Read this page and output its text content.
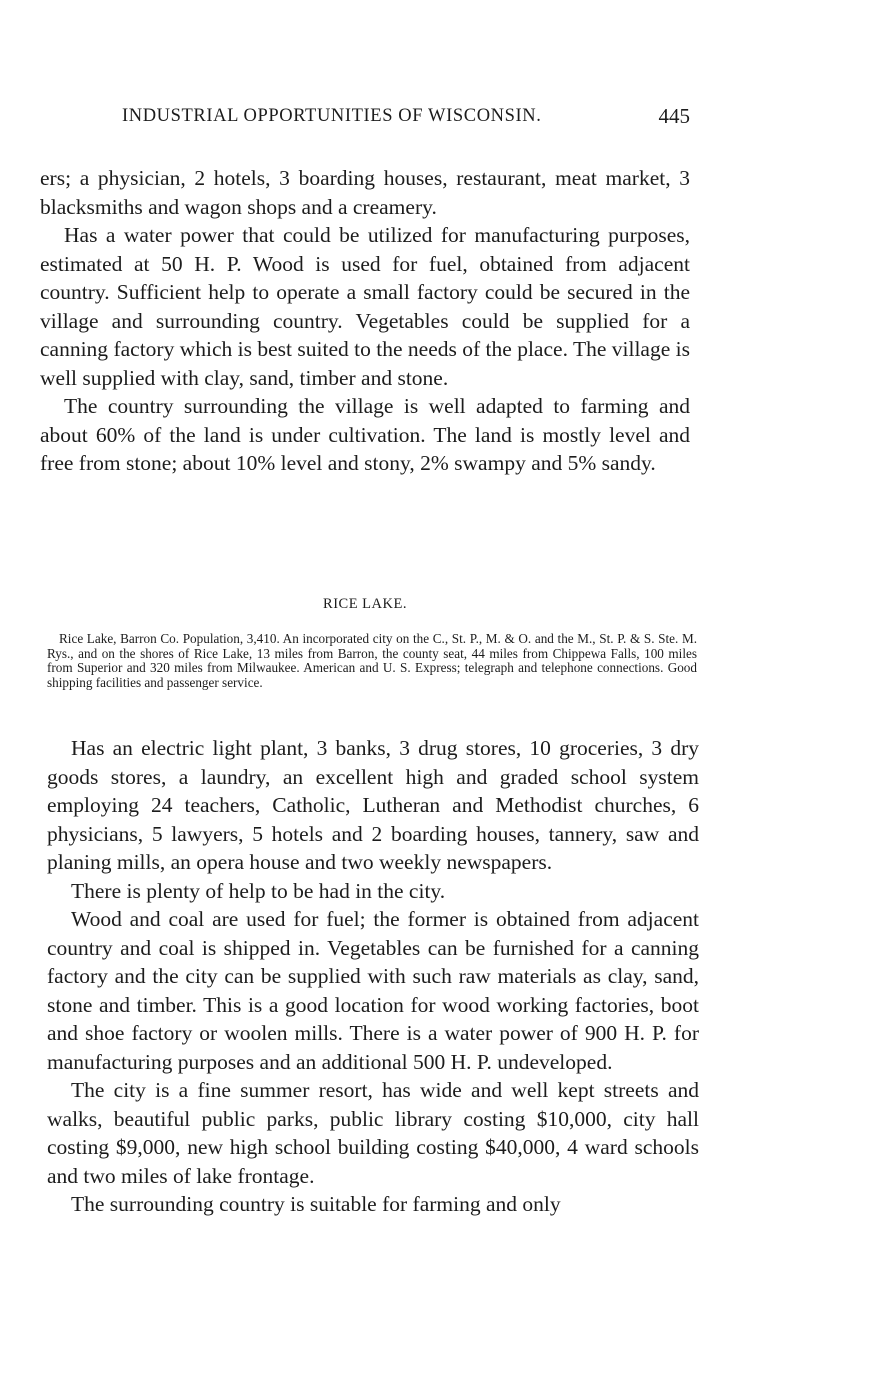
INDUSTRIAL OPPORTUNITIES OF WISCONSIN.	445

ers; a physician, 2 hotels, 3 boarding houses, restaurant, meat market, 3 blacksmiths and wagon shops and a creamery.

Has a water power that could be utilized for manufacturing purposes, estimated at 50 H. P. Wood is used for fuel, obtained from adjacent country. Sufficient help to operate a small factory could be secured in the village and surrounding country. Vegetables could be supplied for a canning factory which is best suited to the needs of the place. The village is well supplied with clay, sand, timber and stone.

The country surrounding the village is well adapted to farming and about 60% of the land is under cultivation. The land is mostly level and free from stone; about 10% level and stony, 2% swampy and 5% sandy.

RICE LAKE.

Rice Lake, Barron Co. Population, 3,410. An incorporated city on the C., St. P., M. & O. and the M., St. P. & S. Ste. M. Rys., and on the shores of Rice Lake, 13 miles from Barron, the county seat, 44 miles from Chippewa Falls, 100 miles from Superior and 320 miles from Milwaukee. American and U. S. Express; telegraph and telephone connections. Good shipping facilities and passenger service.

Has an electric light plant, 3 banks, 3 drug stores, 10 groceries, 3 dry goods stores, a laundry, an excellent high and graded school system employing 24 teachers, Catholic, Lutheran and Methodist churches, 6 physicians, 5 lawyers, 5 hotels and 2 boarding houses, tannery, saw and planing mills, an opera house and two weekly newspapers.

There is plenty of help to be had in the city.

Wood and coal are used for fuel; the former is obtained from adjacent country and coal is shipped in. Vegetables can be furnished for a canning factory and the city can be supplied with such raw materials as clay, sand, stone and timber. This is a good location for wood working factories, boot and shoe factory or woolen mills. There is a water power of 900 H. P. for manufacturing purposes and an additional 500 H. P. undeveloped.

The city is a fine summer resort, has wide and well kept streets and walks, beautiful public parks, public library costing $10,000, city hall costing $9,000, new high school building costing $40,000, 4 ward schools and two miles of lake frontage.

The surrounding country is suitable for farming and only
